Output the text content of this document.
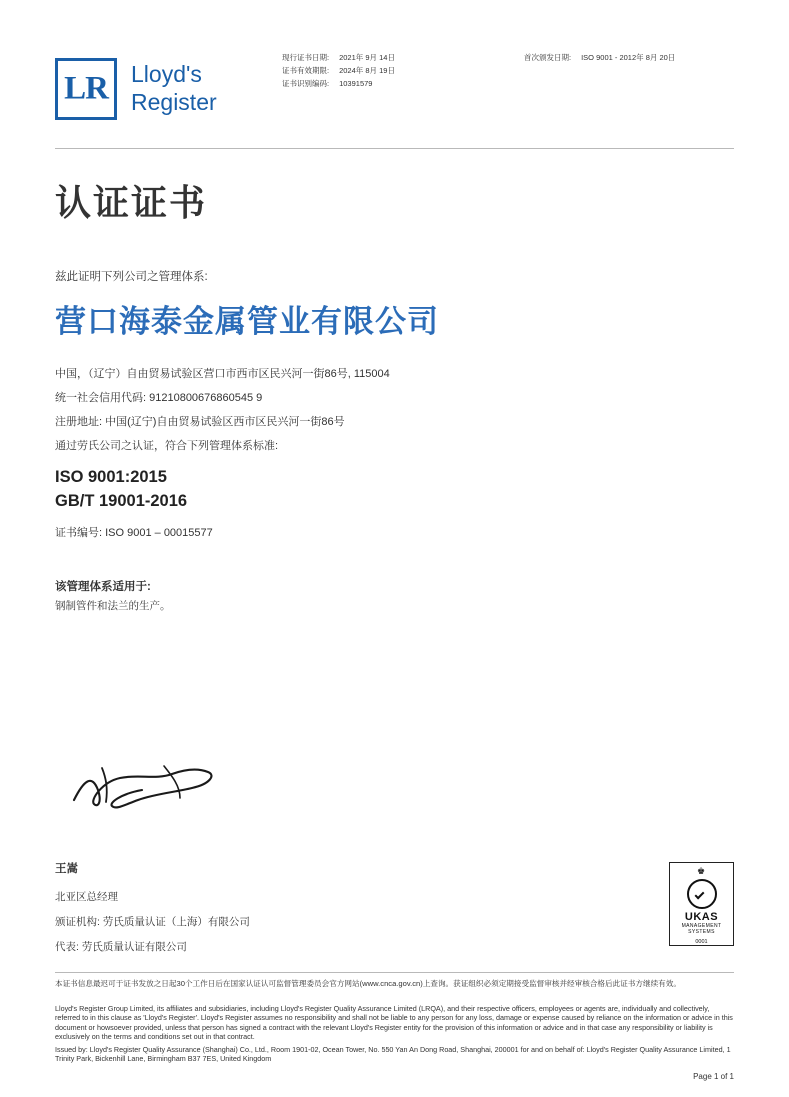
LR Lloyd's
Register
现行证书日期:
证书有效期限:
证书识别编码:
2021年 9月 14日
2024年 8月 19日
10391579
首次颁发日期: ISO 9001 - 2012年 8月 20日
认证证书
兹此证明下列公司之管理体系:
营口海泰金属管业有限公司
中国，（辽宁）自由贸易试验区营口市西市区民兴河一街86号, 115004
统一社会信用代码: 91210800676860545 9
注册地址: 中国(辽宁)自由贸易试验区西市区民兴河一街86号
通过劳氏公司之认证，符合下列管理体系标准:
ISO 9001:2015
GB/T 19001-2016
证书编号: ISO 9001 – 00015577
该管理体系适用于:
钢制管件和法兰的生产。
王嵩
北亚区总经理
颁证机构: 劳氏质量认证（上海）有限公司
代表: 劳氏质量认证有限公司
♚
UKAS
MANAGEMENT
SYSTEMS
0001
本证书信息最迟可于证书发放之日起30个工作日后在国家认证认可监督管理委员会官方网站(www.cnca.gov.cn)上查询。获证组织必须定期接受监督审核并经审核合格后此证书方继续有效。

Lloyd's Register Group Limited, its affiliates and subsidiaries, including Lloyd's Register Quality Assurance Limited (LRQA), and their respective officers, employees or agents are, individually and collectively, referred to in this clause as 'Lloyd's Register'. Lloyd's Register assumes no responsibility and shall not be liable to any person for any loss, damage or expense caused by reliance on the information or advice in this document or howsoever provided, unless that person has signed a contract with the relevant Lloyd's Register entity for the provision of this information or advice and in that case any responsibility or liability is exclusively on the terms and conditions set out in that contract.

Issued by: Lloyd's Register Quality Assurance (Shanghai) Co., Ltd., Room 1901-02, Ocean Tower, No. 550 Yan An Dong Road, Shanghai, 200001 for and on behalf of: Lloyd's Register Quality Assurance Limited, 1 Trinity Park, Bickenhill Lane, Birmingham B37 7ES, United Kingdom

Page 1 of 1
